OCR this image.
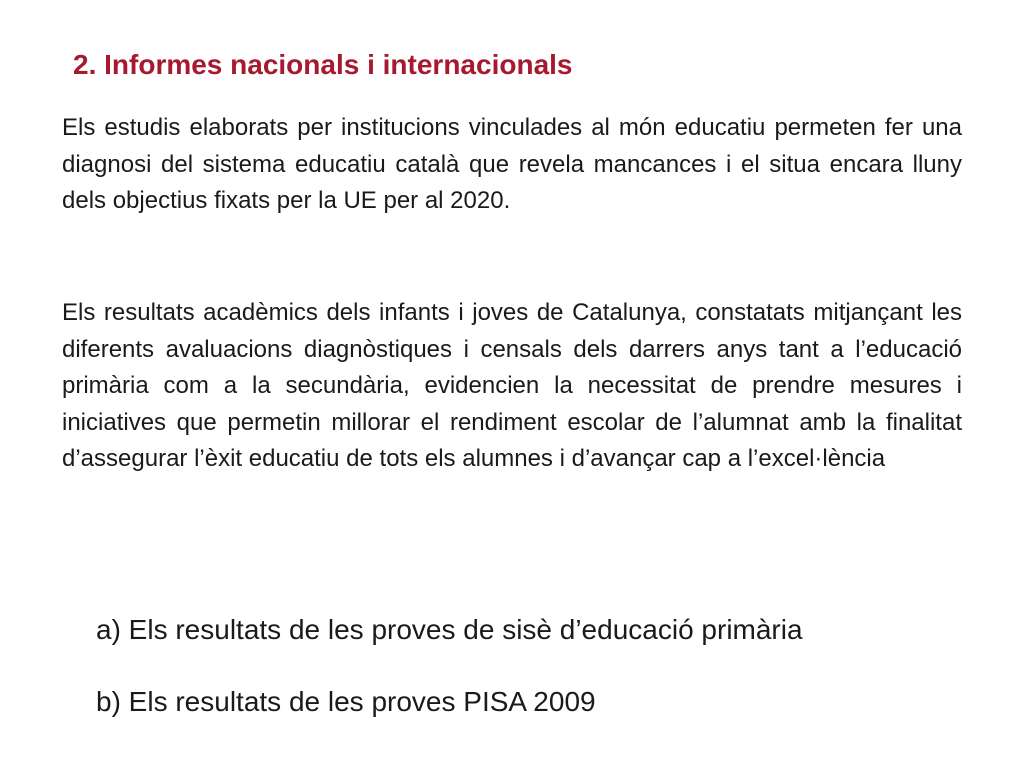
2. Informes nacionals i internacionals

Els estudis elaborats per institucions vinculades al món educatiu permeten fer una diagnosi del sistema educatiu català que revela mancances i el situa encara lluny dels objectius fixats per la UE per al 2020.

Els resultats acadèmics dels infants i joves de Catalunya, constatats mitjançant les diferents avaluacions diagnòstiques i censals dels darrers anys tant a l’educació primària com a la secundària, evidencien la necessitat de prendre mesures i iniciatives que permetin millorar el rendiment escolar de l’alumnat amb la finalitat d’assegurar l’èxit educatiu de tots els alumnes i d’avançar cap a l’excel·lència

a) Els resultats de les proves de sisè d’educació primària
b) Els resultats de les proves PISA 2009
